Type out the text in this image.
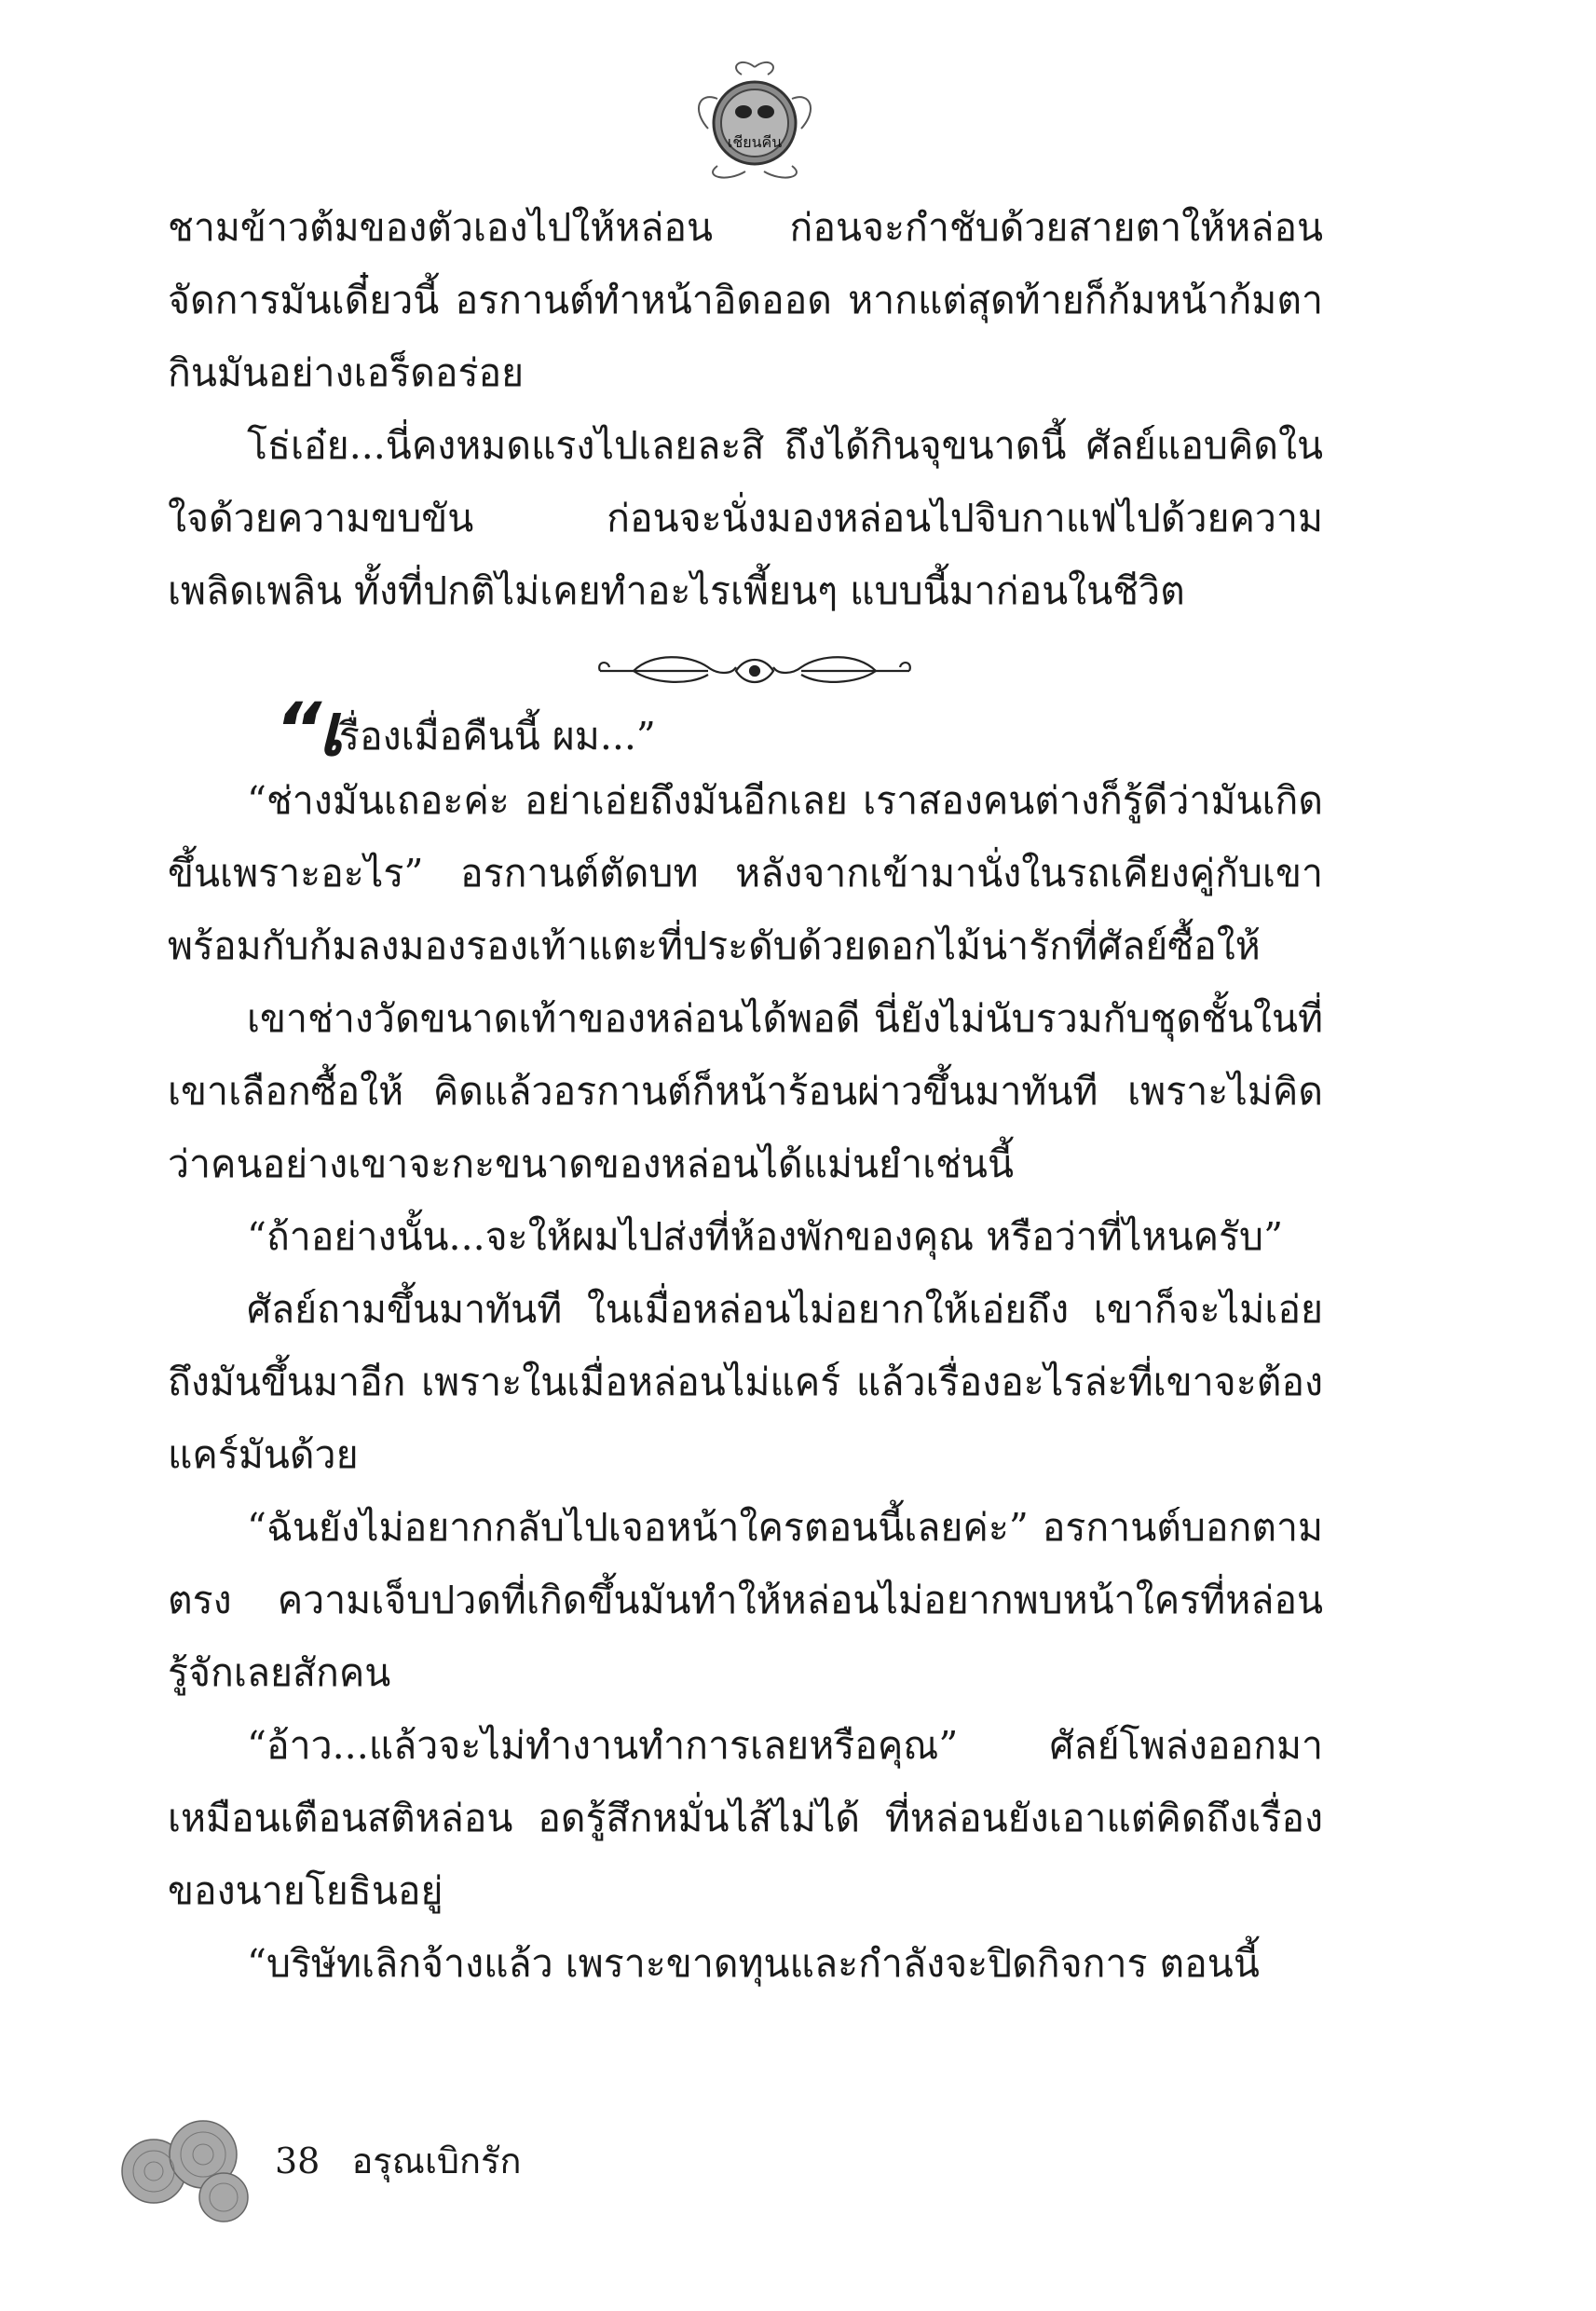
เชียนคีน

ชามข้าวต้มของตัวเองไปให้หล่อน ก่อนจะกำชับด้วยสายตาให้หล่อนจัดการมันเดี๋ยวนี้ อรกานต์ทำหน้าอิดออด หากแต่สุดท้ายก็ก้มหน้าก้มตากินมันอย่างเอร็ดอร่อย

โธ่เอ๋ย...นี่คงหมดแรงไปเลยละสิ ถึงได้กินจุขนาดนี้ ศัลย์แอบคิดในใจด้วยความขบขัน ก่อนจะนั่งมองหล่อนไปจิบกาแฟไปด้วยความเพลิดเพลิน ทั้งที่ปกติไม่เคยทำอะไรเพี้ยนๆ แบบนี้มาก่อนในชีวิต

“เรื่องเมื่อคืนนี้ ผม...”

“ช่างมันเถอะค่ะ อย่าเอ่ยถึงมันอีกเลย เราสองคนต่างก็รู้ดีว่ามันเกิดขึ้นเพราะอะไร” อรกานต์ตัดบท หลังจากเข้ามานั่งในรถเคียงคู่กับเขา พร้อมกับก้มลงมองรองเท้าแตะที่ประดับด้วยดอกไม้น่ารักที่ศัลย์ซื้อให้

เขาช่างวัดขนาดเท้าของหล่อนได้พอดี นี่ยังไม่นับรวมกับชุดชั้นในที่เขาเลือกซื้อให้ คิดแล้วอรกานต์ก็หน้าร้อนผ่าวขึ้นมาทันที เพราะไม่คิดว่าคนอย่างเขาจะกะขนาดของหล่อนได้แม่นยำเช่นนี้

“ถ้าอย่างนั้น...จะให้ผมไปส่งที่ห้องพักของคุณ หรือว่าที่ไหนครับ”

ศัลย์ถามขึ้นมาทันที ในเมื่อหล่อนไม่อยากให้เอ่ยถึง เขาก็จะไม่เอ่ยถึงมันขึ้นมาอีก เพราะในเมื่อหล่อนไม่แคร์ แล้วเรื่องอะไรล่ะที่เขาจะต้องแคร์มันด้วย

“ฉันยังไม่อยากกลับไปเจอหน้าใครตอนนี้เลยค่ะ” อรกานต์บอกตามตรง ความเจ็บปวดที่เกิดขึ้นมันทำให้หล่อนไม่อยากพบหน้าใครที่หล่อนรู้จักเลยสักคน

“อ้าว...แล้วจะไม่ทำงานทำการเลยหรือคุณ” ศัลย์โพล่งออกมาเหมือนเตือนสติหล่อน อดรู้สึกหมั่นไส้ไม่ได้ ที่หล่อนยังเอาแต่คิดถึงเรื่องของนายโยธินอยู่

“บริษัทเลิกจ้างแล้ว เพราะขาดทุนและกำลังจะปิดกิจการ ตอนนี้

38 อรุณเบิกรัก
